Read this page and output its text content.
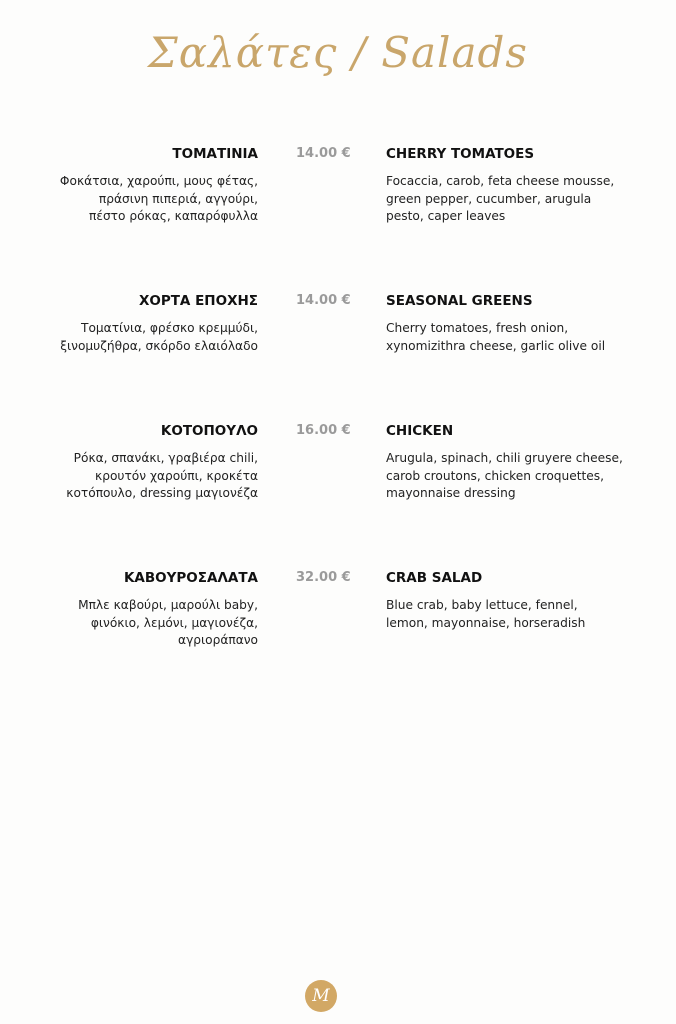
Σαλάτες / Salads
ΤΟΜΑΤΙΝΙΑ	14.00 €	CHERRY TOMATOES
Φοκάτσια, χαρούπι, μους φέτας,
πράσινη πιπεριά, αγγούρι,
πέστο ρόκας, καπαρόφυλλα
Focaccia, carob, feta cheese mousse,
green pepper, cucumber, arugula
pesto, caper leaves
ΧΟΡΤΑ ΕΠΟΧΗΣ	14.00 €	SEASONAL GREENS
Τοματίνια, φρέσκο κρεμμύδι,
ξινομυζήθρα, σκόρδο ελαιόλαδο
Cherry tomatoes, fresh onion,
xynomizithra cheese, garlic olive oil
ΚΟΤΟΠΟΥΛΟ	16.00 €	CHICKEN
Ρόκα, σπανάκι, γραβιέρα chili,
κρουτόν χαρούπι, κροκέτα
κοτόπουλο, dressing μαγιονέζα
Arugula, spinach, chili gruyere cheese,
carob croutons, chicken croquettes,
mayonnaise dressing
ΚΑΒΟΥΡΟΣΑΛΑΤΑ	32.00 €	CRAB SALAD
Μπλε καβούρι, μαρούλι baby,
φινόκιο, λεμόνι, μαγιονέζα,
αγριοράπανο
Blue crab, baby lettuce, fennel,
lemon, mayonnaise, horseradish
M
